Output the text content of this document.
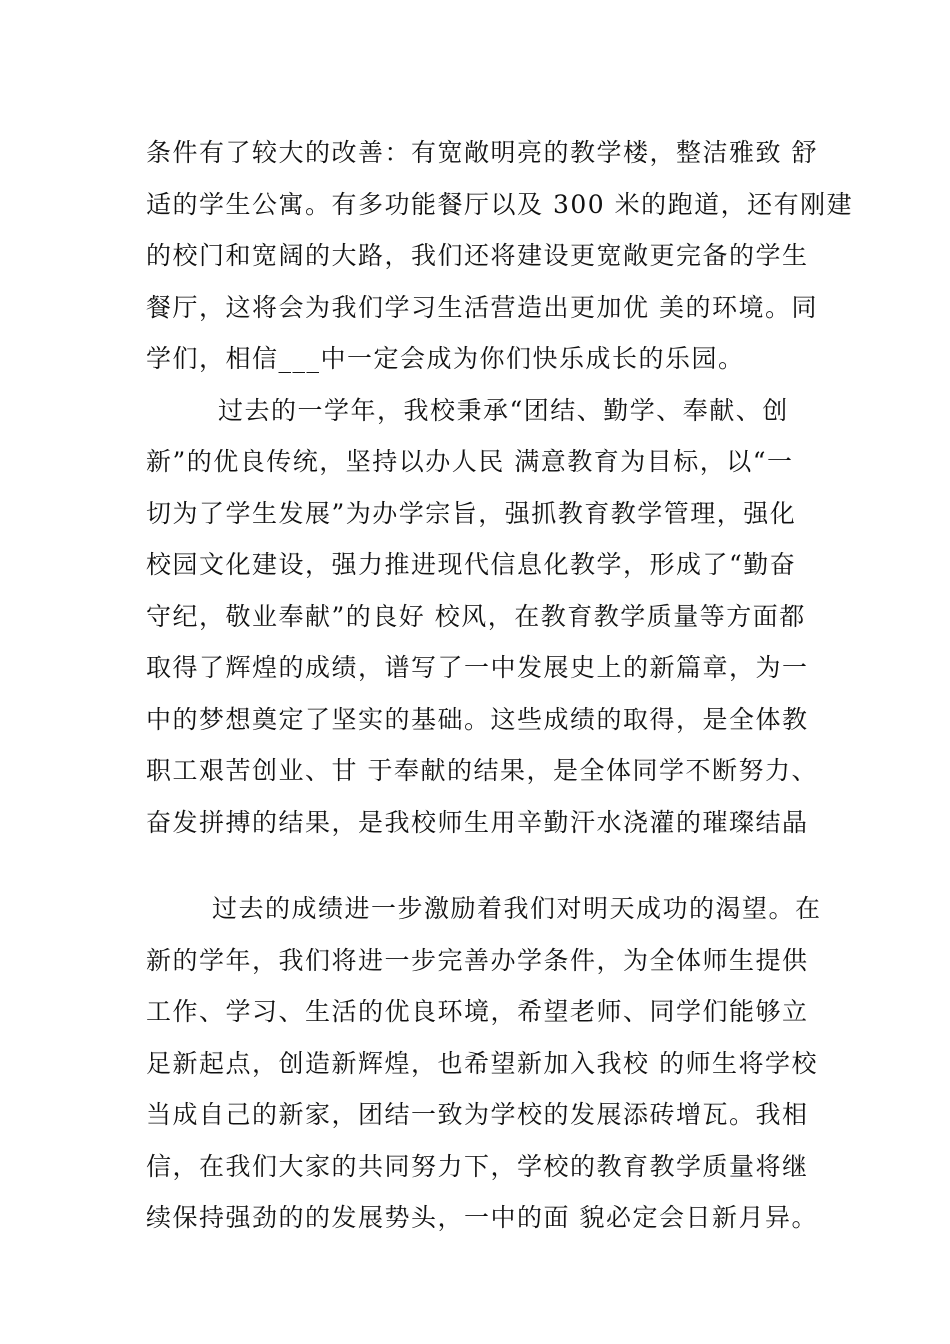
条件有了较大的改善：有宽敞明亮的教学楼，整洁雅致 舒
适的学生公寓。有多功能餐厅以及 300 米的跑道，还有刚建
的校门和宽阔的大路，我们还将建设更宽敞更完备的学生
餐厅，这将会为我们学习生活营造出更加优 美的环境。同
学们，相信___中一定会成为你们快乐成长的乐园。
过去的一学年，我校秉承“团结、勤学、奉献、创
新”的优良传统，坚持以办人民 满意教育为目标，以“一
切为了学生发展”为办学宗旨，强抓教育教学管理，强化
校园文化建设，强力推进现代信息化教学，形成了“勤奋
守纪，敬业奉献”的良好 校风，在教育教学质量等方面都
取得了辉煌的成绩，谱写了一中发展史上的新篇章，为一
中的梦想奠定了坚实的基础。这些成绩的取得，是全体教
职工艰苦创业、甘 于奉献的结果，是全体同学不断努力、
奋发拼搏的结果，是我校师生用辛勤汗水浇灌的璀璨结晶
过去的成绩进一步激励着我们对明天成功的渴望。在
新的学年，我们将进一步完善办学条件，为全体师生提供
工作、学习、生活的优良环境，希望老师、同学们能够立
足新起点，创造新辉煌，也希望新加入我校 的师生将学校
当成自己的新家，团结一致为学校的发展添砖增瓦。我相
信，在我们大家的共同努力下，学校的教育教学质量将继
续保持强劲的的发展势头，一中的面 貌必定会日新月异。
